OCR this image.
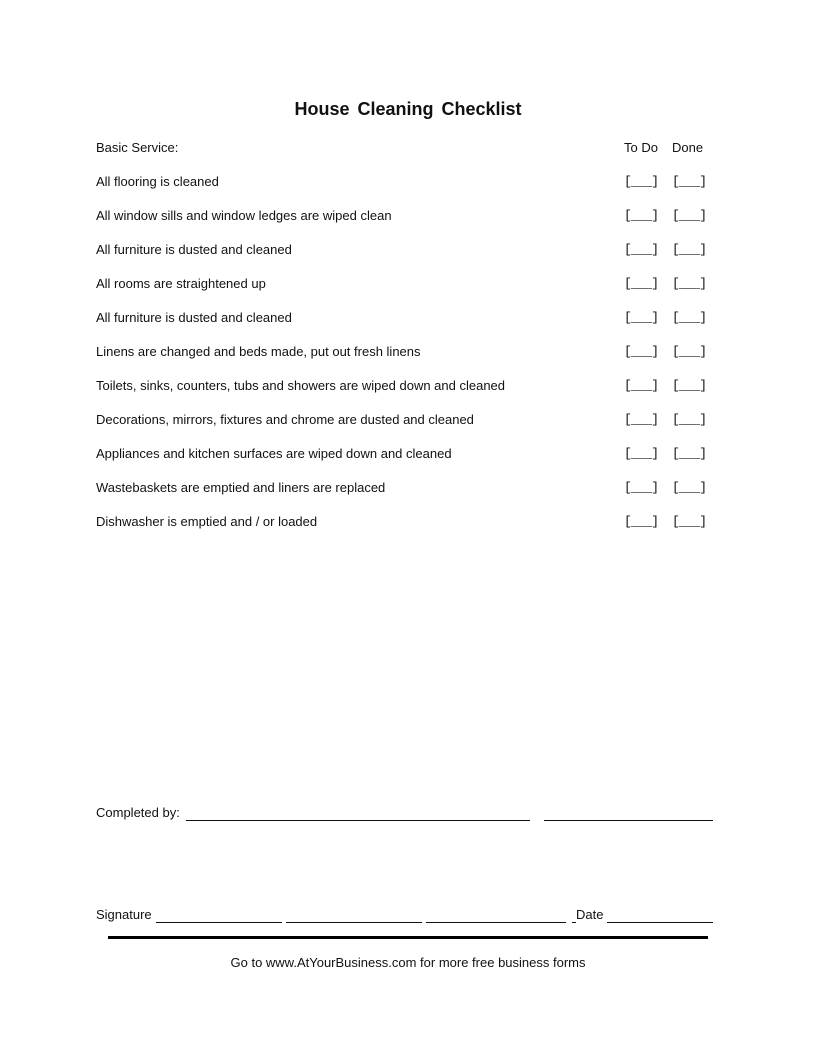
House Cleaning Checklist
Basic Service:	To Do Done
All flooring is cleaned	[___] [___]
All window sills and window ledges are wiped clean	[___] [___]
All furniture is dusted and cleaned	[___] [___]
All rooms are straightened up	[___] [___]
All furniture is dusted and cleaned	[___] [___]
Linens are changed and beds made, put out fresh linens	[___] [___]
Toilets, sinks, counters, tubs and showers are wiped down and cleaned	[___] [___]
Decorations, mirrors, fixtures and chrome are dusted and cleaned	[___] [___]
Appliances and kitchen surfaces are wiped down and cleaned	[___] [___]
Wastebaskets are emptied and liners are replaced	[___] [___]
Dishwasher is emptied and / or loaded	[___] [___]
Completed by:
Signature	Date
Go to www.AtYourBusiness.com for more free business forms
